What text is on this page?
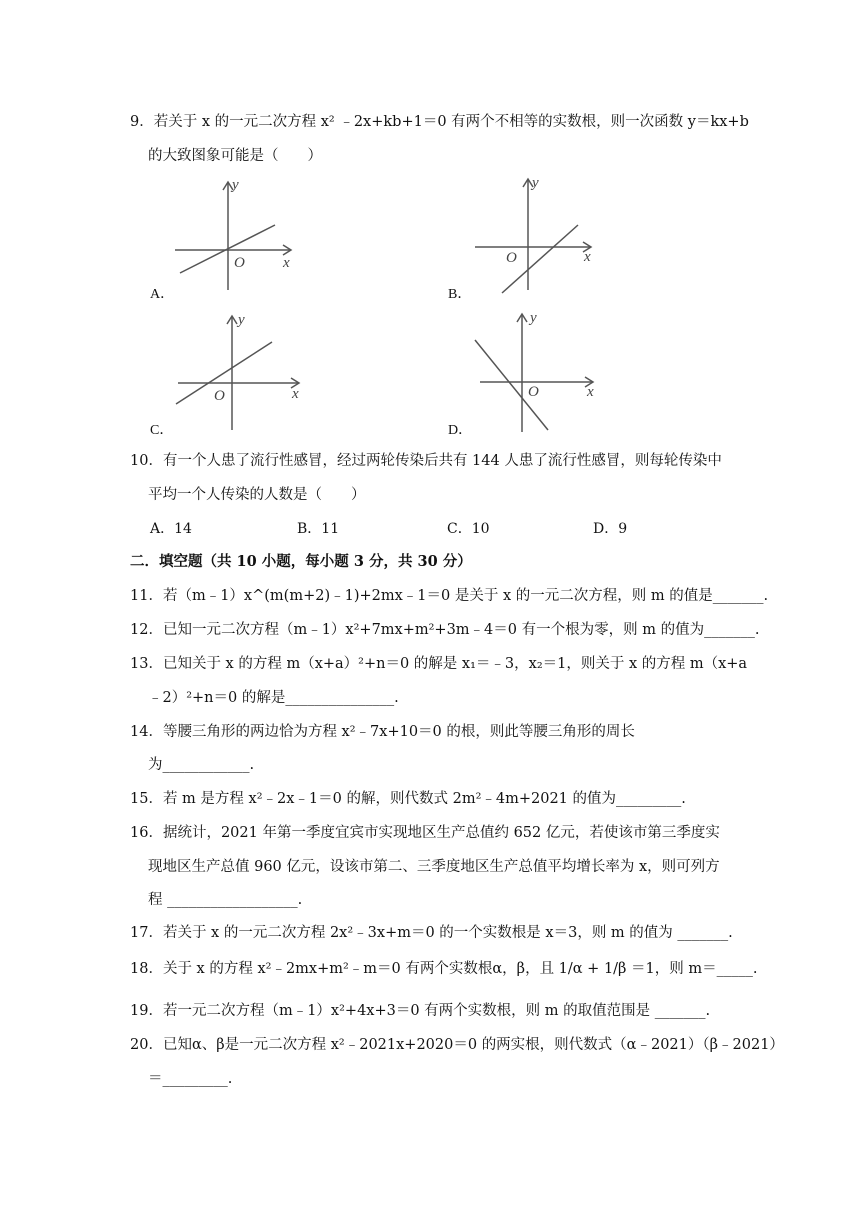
9．若关于 x 的一元二次方程 x² ﹣2x+kb+1＝0 有两个不相等的实数根，则一次函数 y＝kx+b
的大致图象可能是（　　）
y
x
O
A．
y
x
O
B．
y
x
O
C．
y
x
O
D．
10．有一个人患了流行性感冒，经过两轮传染后共有 144 人患了流行性感冒，则每轮传染中
平均一个人传染的人数是（　　）
A．14	B．11	C．10	D．9
二．填空题（共 10 小题，每小题 3 分，共 30 分）
11．若（m﹣1）x^(m(m+2)﹣1)+2mx﹣1＝0 是关于 x 的一元二次方程，则 m 的值是_______.
12．已知一元二次方程（m﹣1）x²+7mx+m²+3m﹣4＝0 有一个根为零，则 m 的值为_______.
13．已知关于 x 的方程 m（x+a）²+n＝0 的解是 x₁＝﹣3，x₂＝1，则关于 x 的方程 m（x+a
﹣2）²+n＝0 的解是_______________.
14．等腰三角形的两边恰为方程 x²﹣7x+10＝0 的根，则此等腰三角形的周长
为____________.
15．若 m 是方程 x²﹣2x﹣1＝0 的解，则代数式 2m²﹣4m+2021 的值为_________.
16．据统计，2021 年第一季度宜宾市实现地区生产总值约 652 亿元，若使该市第三季度实
现地区生产总值 960 亿元，设该市第二、三季度地区生产总值平均增长率为 x，则可列方
程 __________________.
17．若关于 x 的一元二次方程 2x²﹣3x+m＝0 的一个实数根是 x＝3，则 m 的值为 _______.
18．关于 x 的方程 x²﹣2mx+m²﹣m＝0 有两个实数根α，β，且 1/α + 1/β ＝1，则 m＝_____.
19．若一元二次方程（m﹣1）x²+4x+3＝0 有两个实数根，则 m 的取值范围是 _______.
20．已知α、β是一元二次方程 x²﹣2021x+2020＝0 的两实根，则代数式（α﹣2021）（β﹣2021）
＝_________.
